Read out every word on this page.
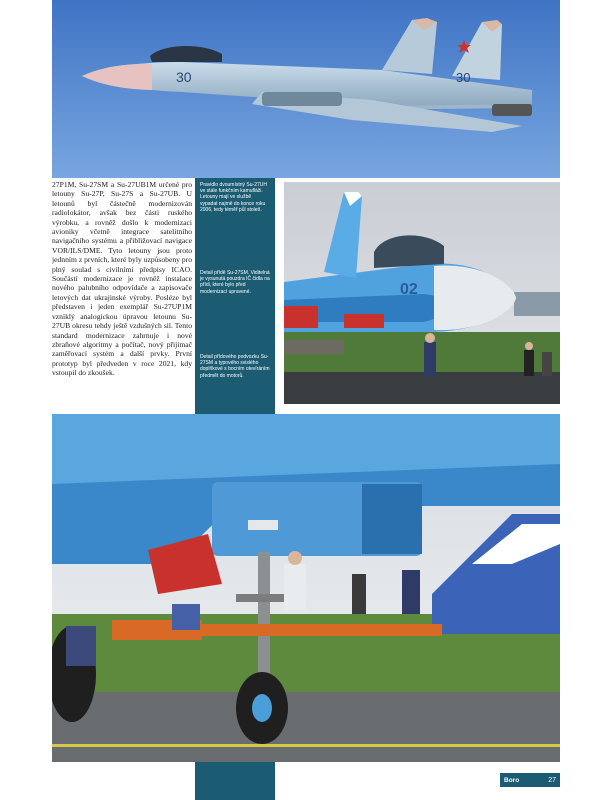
30	30

27P1M, Su-27SM a Su-27UB1M určené pro letouny Su-27P, Su-27S a Su-27UB. U letounů byl částečně modernizován radiolokátor, avšak bez části ruského výrobku, a rovněž došlo k modernizaci avioniky včetně integrace satelitního navigačního systému a přibližovací navigace VOR/ILS/DME. Tyto letouny jsou proto jednním z prvních, které byly uzpůsobeny pro plný soulad s civilními předpisy ICAO. Součástí modernizace je rovněž instalace nového palubního odpovídače a zapisovače letových dat ukrajinské výroby. Posléze byl představen i jeden exemplář Su-27UP1M vzniklý analogickou úpravou letounu Su-27UB okresu tehdy ještě vzdušných sil. Tento standard modernizace zahrnuje i nové zbraňové algoritmy a počítač, nový přijímač zaměřovací systém a další prvky. První prototyp byl předveden v roce 2021, kdy vstoupil do zkoušek.

Pravidlo dvoumístný Su-27UH ve stále funkčním kamufláži. Letouny mají ve službě vypadat najmě do konce roku 2006, tedy téměř půl století.

Detail přídě Su-27SM. Viditelná je vysunutá pouzdra IČ čidla na přídi, které bylo před modernizací upravené.

Detail přídového podvozku Su-27SM a typového svislého doplňkové s bocním otevíráním předmět do motorů.

02
Boro	27
